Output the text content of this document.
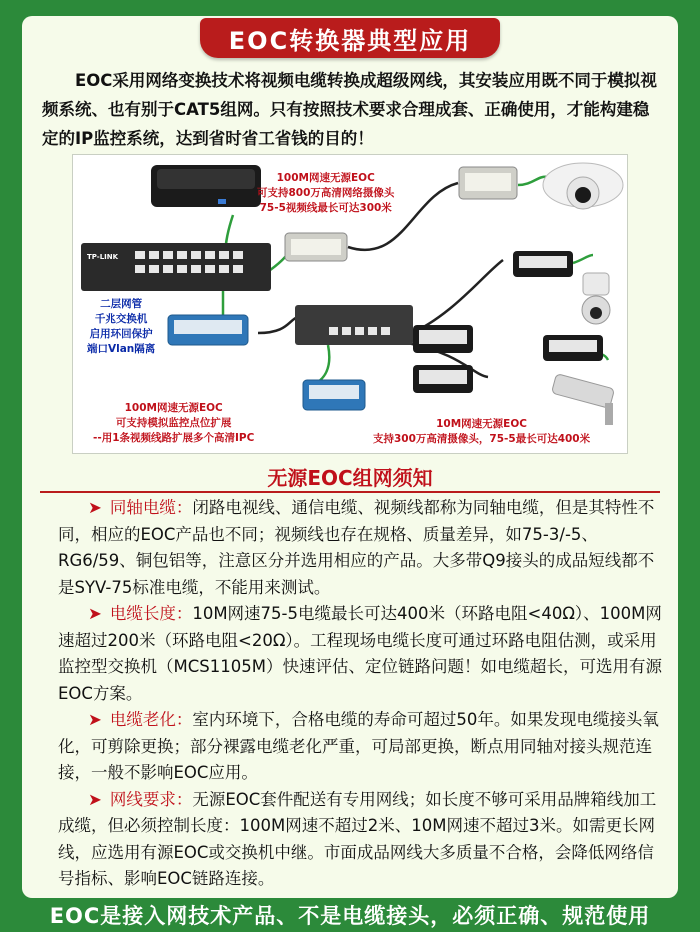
EOC转换器典型应用

EOC采用网络变换技术将视频电缆转换成超级网线，其安装应用既不同于模拟视频系统、也有别于CAT5组网。只有按照技术要求合理成套、正确使用，才能构建稳定的IP监控系统，达到省时省工省钱的目的！

TP-LINK
100M网速无源EOC
可支持800万高清网络摄像头
75-5视频线最长可达300米
二层网管
千兆交换机
启用环回保护
端口Vlan隔离
100M网速无源EOC
可支持模拟监控点位扩展
--用1条视频线路扩展多个高清IPC
10M网速无源EOC
支持300万高清摄像头，75-5最长可达400米
无源EOC组网须知

➤ 同轴电缆：闭路电视线、通信电缆、视频线都称为同轴电缆，但是其特性不同，相应的EOC产品也不同；视频线也存在规格、质量差异，如75-3/-5、RG6/59、铜包铝等，注意区分并选用相应的产品。大多带Q9接头的成品短线都不是SYV-75标准电缆，不能用来测试。

➤ 电缆长度：10M网速75-5电缆最长可达400米（环路电阻<40Ω）、100M网速超过200米（环路电阻<20Ω）。工程现场电缆长度可通过环路电阻估测，或采用监控型交换机（MCS1105M）快速评估、定位链路问题！如电缆超长，可选用有源EOC方案。

➤ 电缆老化：室内环境下，合格电缆的寿命可超过50年。如果发现电缆接头氧化，可剪除更换；部分裸露电缆老化严重，可局部更换，断点用同轴对接头规范连接，一般不影响EOC应用。

➤ 网线要求：无源EOC套件配送有专用网线；如长度不够可采用品牌箱线加工成缆，但必须控制长度：100M网速不超过2米、10M网速不超过3米。如需更长网线，应选用有源EOC或交换机中继。市面成品网线大多质量不合格，会降低网络信号指标、影响EOC链路连接。

EOC是接入网技术产品、不是电缆接头，必须正确、规范使用
